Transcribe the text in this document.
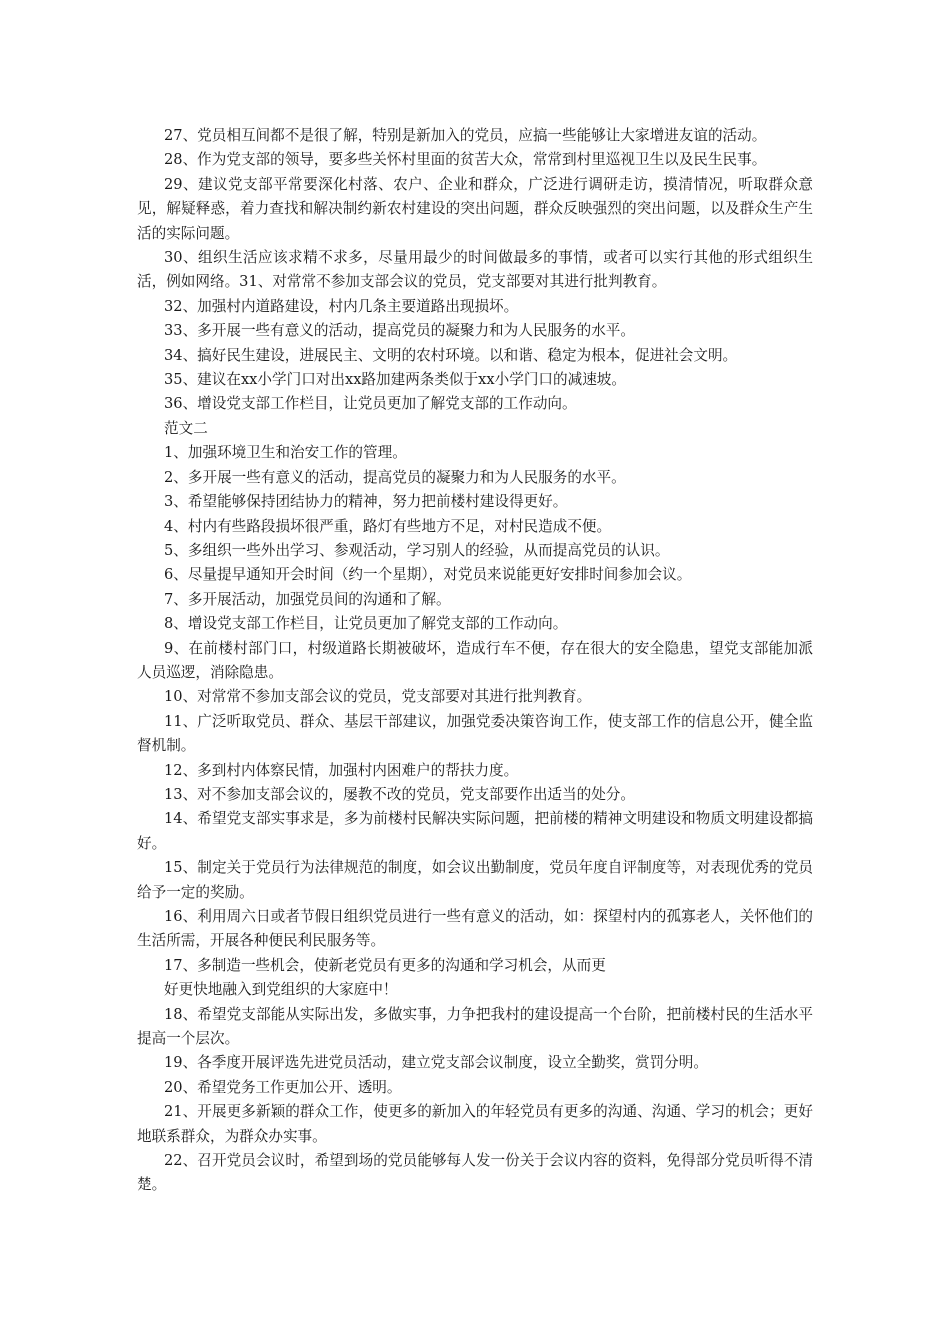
27、党员相互间都不是很了解，特别是新加入的党员，应搞一些能够让大家增进友谊的活动。

28、作为党支部的领导，要多些关怀村里面的贫苦大众，常常到村里巡视卫生以及民生民事。

29、建议党支部平常要深化村落、农户、企业和群众，广泛进行调研走访，摸清情况，听取群众意见，解疑释惑，着力查找和解决制约新农村建设的突出问题，群众反映强烈的突出问题，以及群众生产生活的实际问题。

30、组织生活应该求精不求多，尽量用最少的时间做最多的事情，或者可以实行其他的形式组织生活，例如网络。31、对常常不参加支部会议的党员，党支部要对其进行批判教育。

32、加强村内道路建设，村内几条主要道路出现损坏。

33、多开展一些有意义的活动，提高党员的凝聚力和为人民服务的水平。

34、搞好民生建设，进展民主、文明的农村环境。以和谐、稳定为根本，促进社会文明。

35、建议在xx小学门口对出xx路加建两条类似于xx小学门口的减速坡。

36、增设党支部工作栏目，让党员更加了解党支部的工作动向。

范文二

1、加强环境卫生和治安工作的管理。

2、多开展一些有意义的活动，提高党员的凝聚力和为人民服务的水平。

3、希望能够保持团结协力的精神，努力把前楼村建设得更好。

4、村内有些路段损坏很严重，路灯有些地方不足，对村民造成不便。

5、多组织一些外出学习、参观活动，学习别人的经验，从而提高党员的认识。

6、尽量提早通知开会时间（约一个星期），对党员来说能更好安排时间参加会议。

7、多开展活动，加强党员间的沟通和了解。

8、增设党支部工作栏目，让党员更加了解党支部的工作动向。

9、在前楼村部门口，村级道路长期被破坏，造成行车不便，存在很大的安全隐患，望党支部能加派人员巡逻，消除隐患。

10、对常常不参加支部会议的党员，党支部要对其进行批判教育。

11、广泛听取党员、群众、基层干部建议，加强党委决策咨询工作，使支部工作的信息公开，健全监督机制。

12、多到村内体察民情，加强村内困难户的帮扶力度。

13、对不参加支部会议的，屡教不改的党员，党支部要作出适当的处分。

14、希望党支部实事求是，多为前楼村民解决实际问题，把前楼的精神文明建设和物质文明建设都搞好。

15、制定关于党员行为法律规范的制度，如会议出勤制度，党员年度自评制度等，对表现优秀的党员给予一定的奖励。

16、利用周六日或者节假日组织党员进行一些有意义的活动，如：探望村内的孤寡老人，关怀他们的生活所需，开展各种便民利民服务等。

17、多制造一些机会，使新老党员有更多的沟通和学习机会，从而更

好更快地融入到党组织的大家庭中！

18、希望党支部能从实际出发，多做实事，力争把我村的建设提高一个台阶，把前楼村民的生活水平提高一个层次。

19、各季度开展评选先进党员活动，建立党支部会议制度，设立全勤奖，赏罚分明。

20、希望党务工作更加公开、透明。

21、开展更多新颖的群众工作，使更多的新加入的年轻党员有更多的沟通、沟通、学习的机会；更好地联系群众，为群众办实事。

22、召开党员会议时，希望到场的党员能够每人发一份关于会议内容的资料，免得部分党员听得不清楚。
